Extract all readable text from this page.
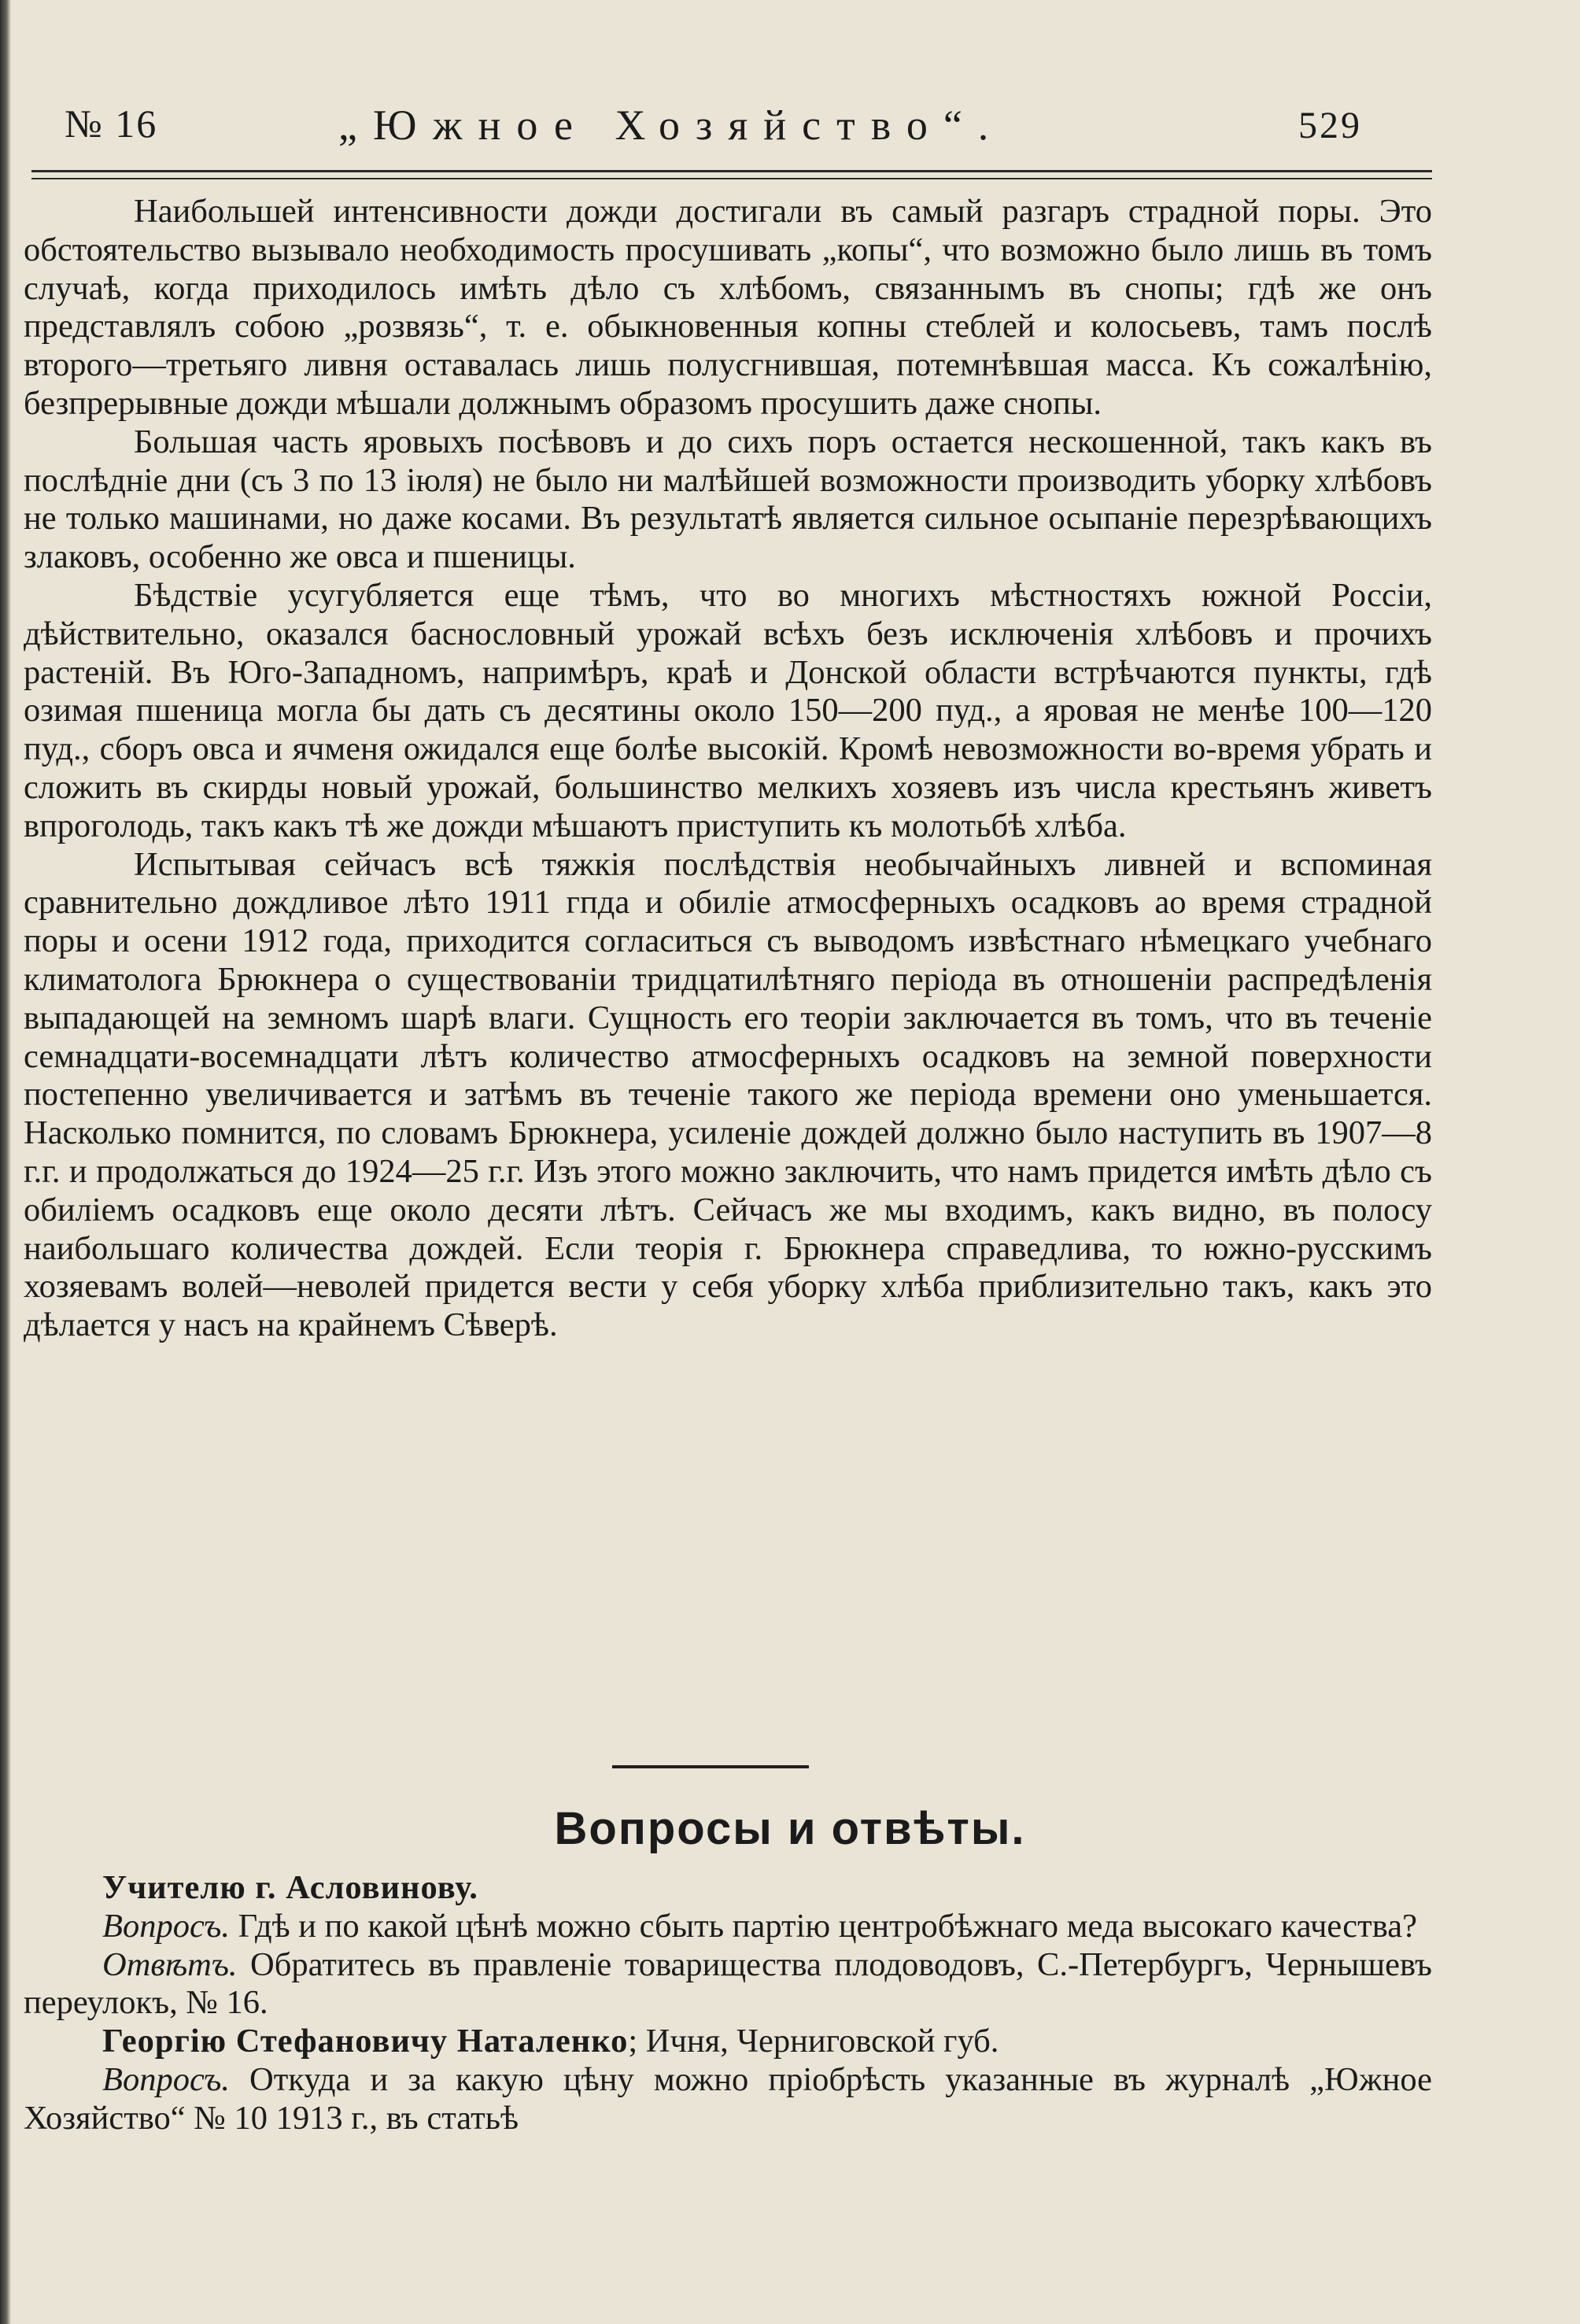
№ 16	„Южное Хозяйство“.	529

Наибольшей интенсивности дожди достигали въ самый разгаръ страдной поры. Это обстоятельство вызывало необходимость просушивать „копы“, что возможно было лишь въ томъ случаѣ, когда приходилось имѣть дѣло съ хлѣбомъ, связаннымъ въ снопы; гдѣ же онъ представлялъ собою „розвязь“, т. е. обыкновенныя копны стеблей и колосьевъ, тамъ послѣ второго—третьяго ливня оставалась лишь полусгнившая, потемнѣвшая масса. Къ сожалѣнію, безпрерывные дожди мѣшали должнымъ образомъ просушить даже снопы.

Большая часть яровыхъ посѣвовъ и до сихъ поръ остается нескошенной, такъ какъ въ послѣдніе дни (съ 3 по 13 іюля) не было ни малѣйшей возможности производить уборку хлѣбовъ не только машинами, но даже косами. Въ результатѣ является сильное осыпаніе перезрѣвающихъ злаковъ, особенно же овса и пшеницы.

Бѣдствіе усугубляется еще тѣмъ, что во многихъ мѣстностяхъ южной Россіи, дѣйствительно, оказался баснословный урожай всѣхъ безъ исключенія хлѣбовъ и прочихъ растеній. Въ Юго-Западномъ, напримѣръ, краѣ и Донской области встрѣчаются пункты, гдѣ озимая пшеница могла бы дать съ десятины около 150—200 пуд., а яровая не менѣе 100—120 пуд., сборъ овса и ячменя ожидался еще болѣе высокій. Кромѣ невозможности во-время убрать и сложить въ скирды новый урожай, большинство мелкихъ хозяевъ изъ числа крестьянъ живетъ впроголодь, такъ какъ тѣ же дожди мѣшаютъ приступить къ молотьбѣ хлѣба.

Испытывая сейчасъ всѣ тяжкія послѣдствія необычайныхъ ливней и вспоминая сравнительно дождливое лѣто 1911 гпда и обиліе атмосферныхъ осадковъ ао время страдной поры и осени 1912 года, приходится согласиться съ выводомъ извѣстнаго нѣмецкаго учебнаго климатолога Брюкнера о существованіи тридцатилѣтняго періода въ отношеніи распредѣленія выпадающей на земномъ шарѣ влаги. Сущность его теоріи заключается въ томъ, что въ теченіе семнадцати-восемнадцати лѣтъ количество атмосферныхъ осадковъ на земной поверхности постепенно увеличивается и затѣмъ въ теченіе такого же періода времени оно уменьшается. Насколько помнится, по словамъ Брюкнера, усиленіе дождей должно было наступить въ 1907—8 г.г. и продолжаться до 1924—25 г.г. Изъ этого можно заключить, что намъ придется имѣть дѣло съ обиліемъ осадковъ еще около десяти лѣтъ. Сейчасъ же мы входимъ, какъ видно, въ полосу наибольшаго количества дождей. Если теорія г. Брюкнера справедлива, то южно-русскимъ хозяевамъ волей—неволей придется вести у себя уборку хлѣба приблизительно такъ, какъ это дѣлается у насъ на крайнемъ Сѣверѣ.

Вопросы и отвѣты.

Учителю г. Асловинову.

Вопросъ. Гдѣ и по какой цѣнѣ можно сбыть партію центробѣжнаго меда высокаго качества?

Отвѣтъ. Обратитесь въ правленіе товарищества плодоводовъ, С.-Петербургъ, Чернышевъ переулокъ, № 16.

Георгію Стефановичу Наталенко; Ичня, Черниговской губ.

Вопросъ. Откуда и за какую цѣну можно пріобрѣсть указанные въ журналѣ „Южное Хозяйство“ № 10 1913 г., въ статьѣ
